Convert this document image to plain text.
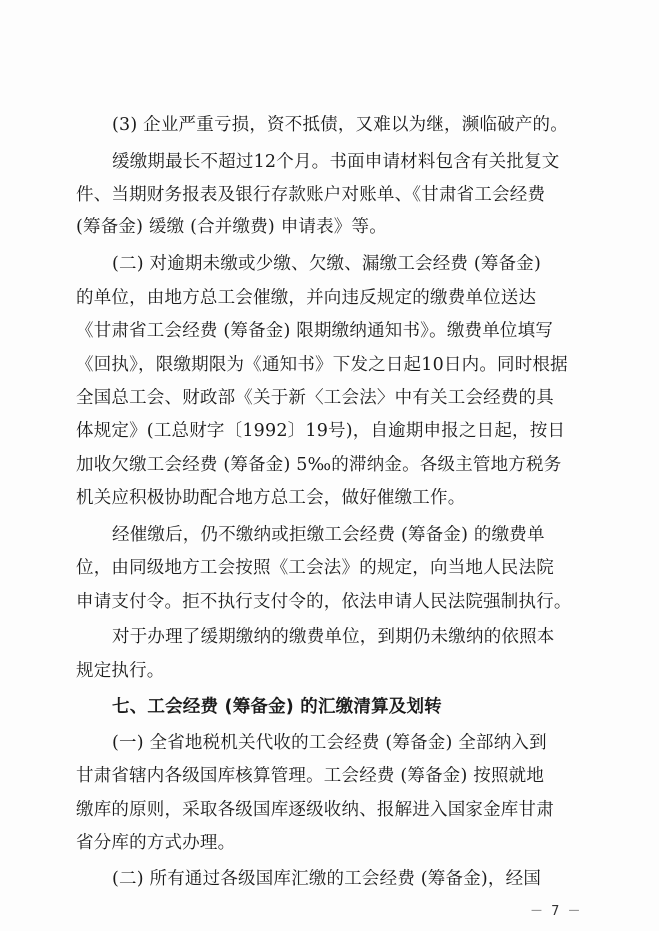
(3) 企业严重亏损，资不抵债，又难以为继，濒临破产的。
缓缴期最长不超过12个月。书面申请材料包含有关批复文
件、当期财务报表及银行存款账户对账单、《甘肃省工会经费
(筹备金) 缓缴 (合并缴费) 申请表》等。
(二) 对逾期未缴或少缴、欠缴、漏缴工会经费 (筹备金)
的单位，由地方总工会催缴，并向违反规定的缴费单位送达
《甘肃省工会经费 (筹备金) 限期缴纳通知书》。缴费单位填写
《回执》，限缴期限为《通知书》下发之日起10日内。同时根据
全国总工会、财政部《关于新〈工会法〉中有关工会经费的具
体规定》(工总财字〔1992〕19号)，自逾期申报之日起，按日
加收欠缴工会经费 (筹备金) 5‰的滞纳金。各级主管地方税务
机关应积极协助配合地方总工会，做好催缴工作。
经催缴后，仍不缴纳或拒缴工会经费 (筹备金) 的缴费单
位，由同级地方工会按照《工会法》的规定，向当地人民法院
申请支付令。拒不执行支付令的，依法申请人民法院强制执行。
对于办理了缓期缴纳的缴费单位，到期仍未缴纳的依照本
规定执行。
七、工会经费 (筹备金) 的汇缴清算及划转
(一) 全省地税机关代收的工会经费 (筹备金) 全部纳入到
甘肃省辖内各级国库核算管理。工会经费 (筹备金) 按照就地
缴库的原则，采取各级国库逐级收纳、报解进入国家金库甘肃
省分库的方式办理。
(二) 所有通过各级国库汇缴的工会经费 (筹备金)，经国
－ 7 －
